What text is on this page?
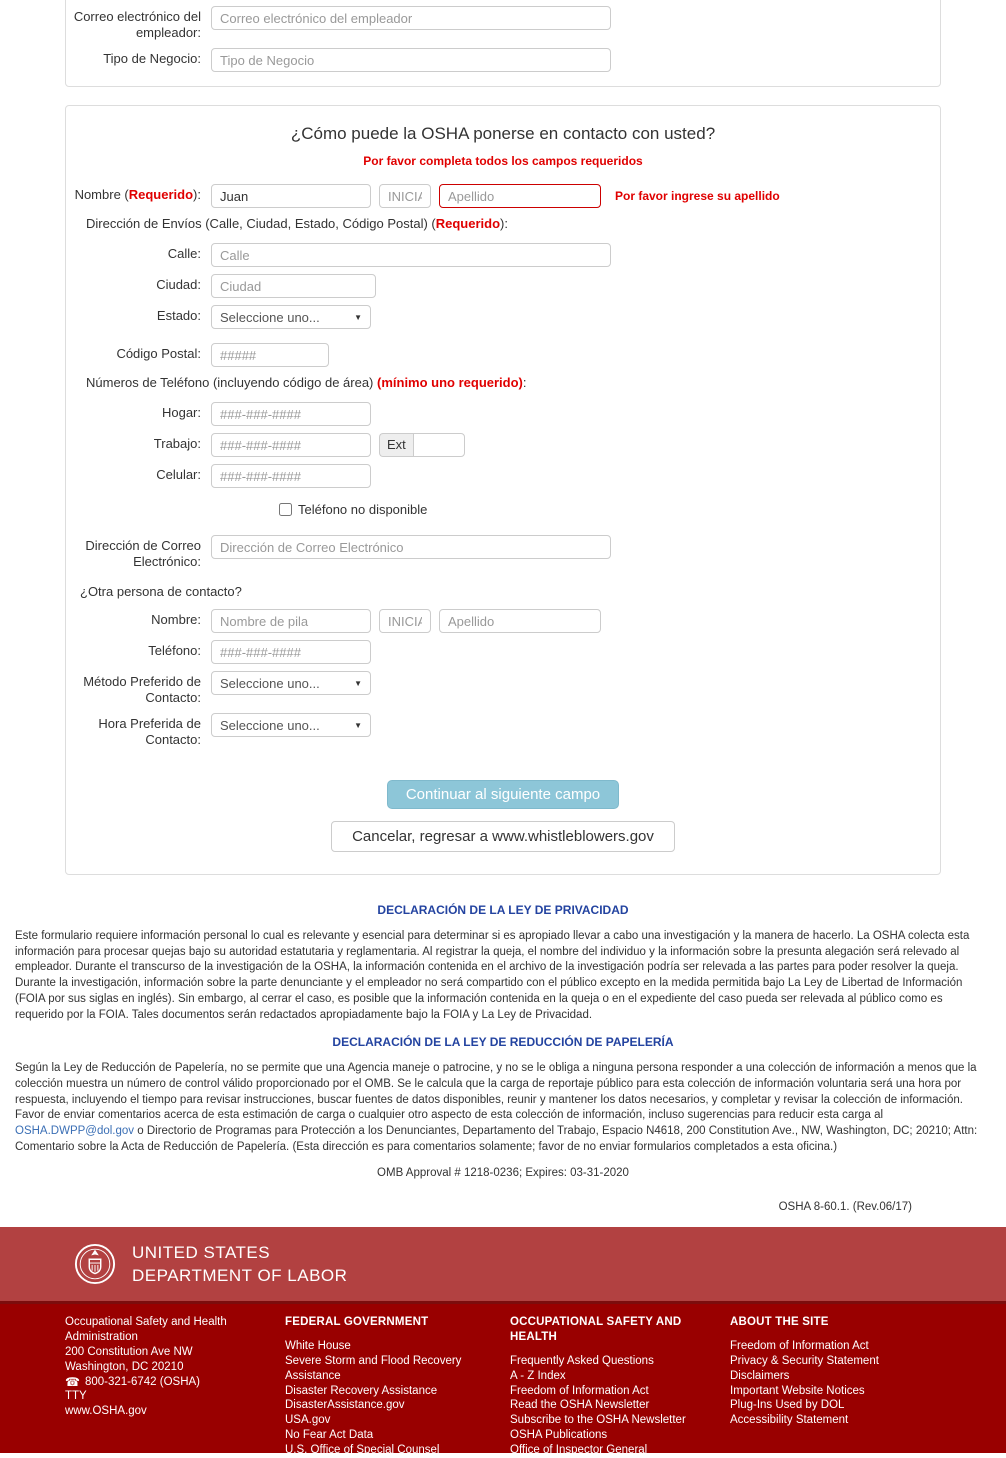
Correo electrónico del empleador:
Correo electrónico del empleador
Tipo de Negocio:
Tipo de Negocio
¿Cómo puede la OSHA ponerse en contacto con usted?
Por favor completa todos los campos requeridos
Nombre (Requerido):
Juan
INICIAL
Apellido	Por favor ingrese su apellido
Dirección de Envíos (Calle, Ciudad, Estado, Código Postal) (Requerido):
Calle:
Calle
Ciudad:
Ciudad
Estado:	Seleccione uno...	▼
Código Postal:
#####
Números de Teléfono (incluyendo código de área) (mínimo uno requerido):
Hogar:
###-###-####
Trabajo:
###-###-####	Ext
Celular:
###-###-####
Teléfono no disponible
Dirección de Correo Electrónico:
Dirección de Correo Electrónico
¿Otra persona de contacto?
Nombre:
Nombre de pila
INICIAL
Apellido
Teléfono:
###-###-####
Método Preferido de Contacto:
Seleccione uno...	▼
Hora Preferida de Contacto:
Seleccione uno...	▼
Continuar al siguiente campo
Cancelar, regresar a www.whistleblowers.gov
DECLARACIÓN DE LA LEY DE PRIVACIDAD

Este formulario requiere información personal lo cual es relevante y esencial para determinar si es apropiado llevar a cabo una investigación y la manera de hacerlo. La OSHA colecta esta información para procesar quejas bajo su autoridad estatutaria y reglamentaria. Al registrar la queja, el nombre del individuo y la información sobre la presunta alegación será relevado al empleador. Durante el transcurso de la investigación de la OSHA, la información contenida en el archivo de la investigación podría ser relevada a las partes para poder resolver la queja. Durante la investigación, información sobre la parte denunciante y el empleador no será compartido con el público excepto en la medida permitida bajo La Ley de Libertad de Información (FOIA por sus siglas en inglés). Sin embargo, al cerrar el caso, es posible que la información contenida en la queja o en el expediente del caso pueda ser relevada al público como es requerido por la FOIA. Tales documentos serán redactados apropiadamente bajo la FOIA y La Ley de Privacidad.

DECLARACIÓN DE LA LEY DE REDUCCIÓN DE PAPELERÍA

Según la Ley de Reducción de Papelería, no se permite que una Agencia maneje o patrocine, y no se le obliga a ninguna persona responder a una colección de información a menos que la colección muestra un número de control válido proporcionado por el OMB. Se le calcula que la carga de reportaje público para esta colección de información voluntaria será una hora por respuesta, incluyendo el tiempo para revisar instrucciones, buscar fuentes de datos disponibles, reunir y mantener los datos necesarios, y completar y revisar la colección de información. Favor de enviar comentarios acerca de esta estimación de carga o cualquier otro aspecto de esta colección de información, incluso sugerencias para reducir esta carga al OSHA.DWPP@dol.gov o Directorio de Programas para Protección a los Denunciantes, Departamento del Trabajo, Espacio N4618, 200 Constitution Ave., NW, Washington, DC; 20210; Attn: Comentario sobre la Acta de Reducción de Papelería. (Esta dirección es para comentarios solamente; favor de no enviar formularios completados a esta oficina.)

OMB Approval # 1218-0236; Expires: 03-31-2020
OSHA 8-60.1. (Rev.06/17)
UNITED STATES
DEPARTMENT OF LABOR
Occupational Safety and Health Administration
200 Constitution Ave NW
Washington, DC 20210
☎ 800-321-6742 (OSHA)
TTY
www.OSHA.gov
FEDERAL GOVERNMENT
White House
Severe Storm and Flood Recovery Assistance
Disaster Recovery Assistance
DisasterAssistance.gov
USA.gov
No Fear Act Data
U.S. Office of Special Counsel
OCCUPATIONAL SAFETY AND HEALTH
Frequently Asked Questions
A - Z Index
Freedom of Information Act
Read the OSHA Newsletter
Subscribe to the OSHA Newsletter
OSHA Publications
Office of Inspector General
ABOUT THE SITE
Freedom of Information Act
Privacy & Security Statement
Disclaimers
Important Website Notices
Plug-Ins Used by DOL
Accessibility Statement
